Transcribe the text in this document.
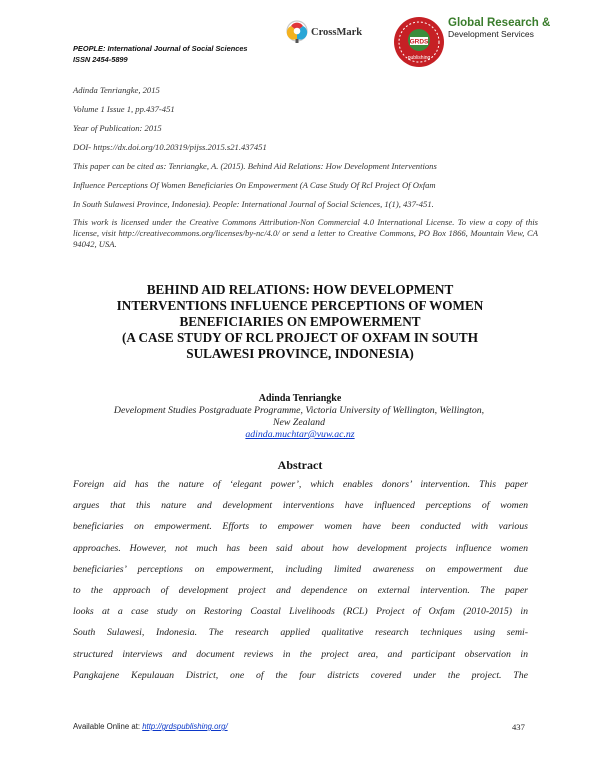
PEOPLE: International Journal of Social Sciences
ISSN 2454-5899
CrossMark
GRDS
publishing
Global Research &
Development Services
Adinda Tenriangke, 2015
Volume 1 Issue 1, pp.437-451
Year of Publication: 2015
DOI- https://dx.doi.org/10.20319/pijss.2015.s21.437451
This paper can be cited as: Tenriangke, A. (2015). Behind Aid Relations: How Development Interventions
Influence Perceptions Of Women Beneficiaries On Empowerment (A Case Study Of Rcl Project Of Oxfam
In South Sulawesi Province, Indonesia). People: International Journal of Social Sciences, 1(1), 437-451.
This work is licensed under the Creative Commons Attribution-Non Commercial 4.0 International License. To view a copy of this license, visit http://creativecommons.org/licenses/by-nc/4.0/ or send a letter to Creative Commons, PO Box 1866, Mountain View, CA 94042, USA.
BEHIND AID RELATIONS: HOW DEVELOPMENT
INTERVENTIONS INFLUENCE PERCEPTIONS OF WOMEN
BENEFICIARIES ON EMPOWERMENT
(A CASE STUDY OF RCL PROJECT OF OXFAM IN SOUTH
SULAWESI PROVINCE, INDONESIA)
Adinda Tenriangke
Development Studies Postgraduate Programme, Victoria University of Wellington, Wellington,
New Zealand
adinda.muchtar@vuw.ac.nz
Abstract
Foreign aid has the nature of ‘elegant power’, which enables donors’ intervention. This paper
argues that this nature and development interventions have influenced perceptions of women
beneficiaries on empowerment. Efforts to empower women have been conducted with various
approaches. However, not much has been said about how development projects influence women
beneficiaries’ perceptions on empowerment, including limited awareness on empowerment due
to the approach of development project and dependence on external intervention. The paper
looks at a case study on Restoring Coastal Livelihoods (RCL) Project of Oxfam (2010-2015) in
South Sulawesi, Indonesia. The research applied qualitative research techniques using semi-
structured interviews and document reviews in the project area, and participant observation in
Pangkajene Kepulauan District, one of the four districts covered under the project. The
Available Online at: http://grdspublishing.org/	437
